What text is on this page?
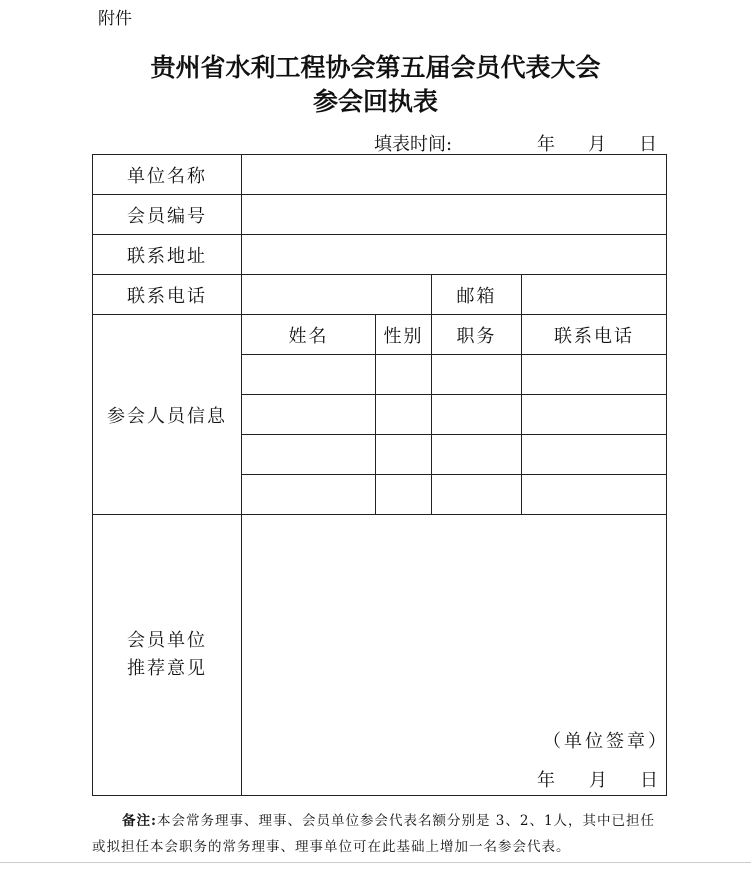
附件
贵州省水利工程协会第五届会员代表大会
参会回执表
填表时间:	年 月 日
单位名称				
会员编号				
联系地址				
联系电话			邮箱	
参会人员信息	姓名	性别	职务	联系电话

会员单位
推荐意见				
（单位签章）
年 月 日
备注:本会常务理事、理事、会员单位参会代表名额分别是 3、2、1人，其中已担任或拟担任本会职务的常务理事、理事单位可在此基础上增加一名参会代表。
